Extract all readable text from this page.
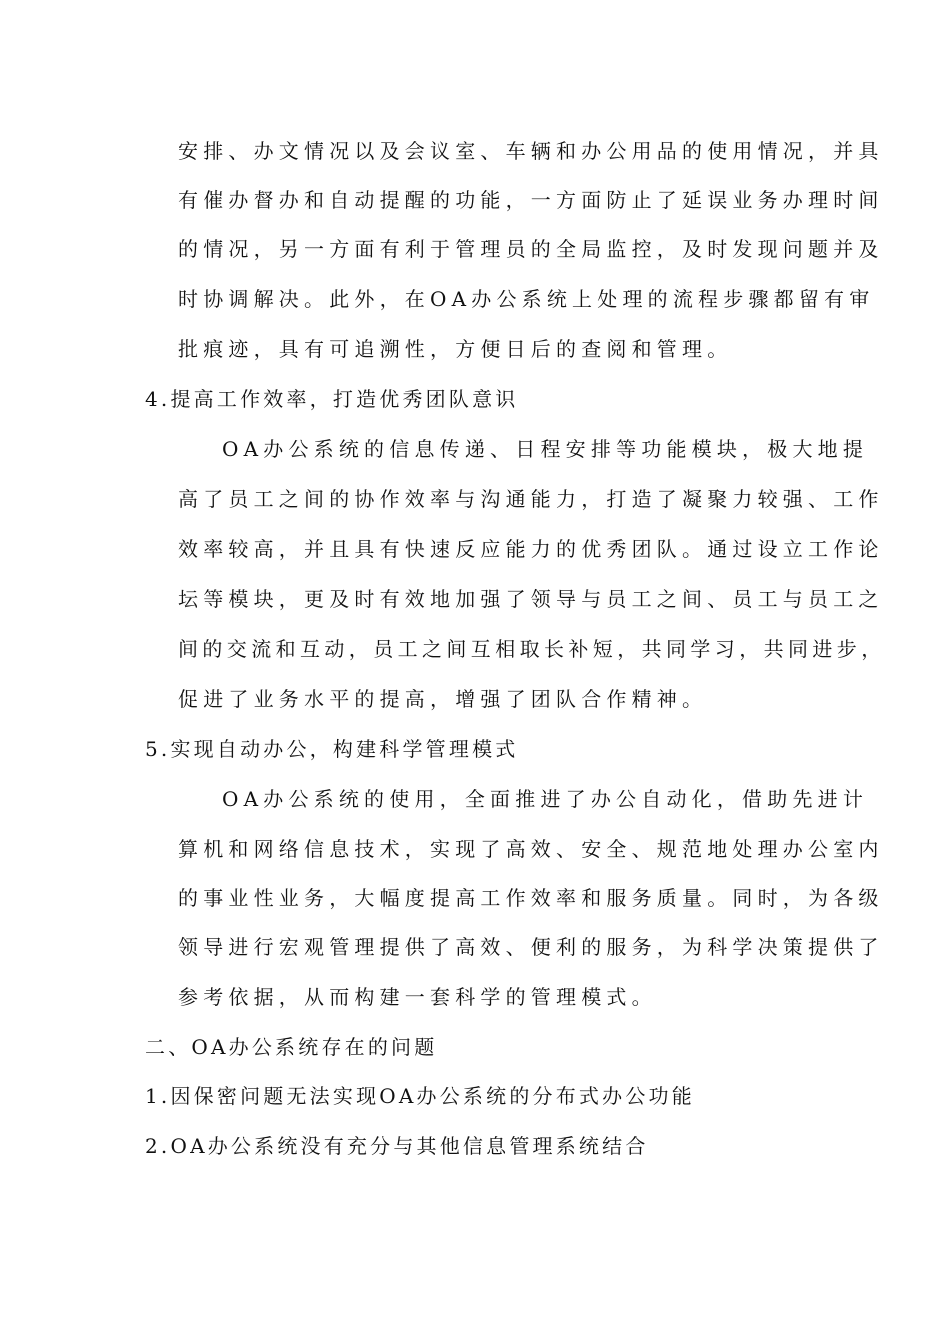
安排、办文情况以及会议室、车辆和办公用品的使用情况，并具
有催办督办和自动提醒的功能，一方面防止了延误业务办理时间
的情况，另一方面有利于管理员的全局监控，及时发现问题并及
时协调解决。此外，在OA办公系统上处理的流程步骤都留有审
批痕迹，具有可追溯性，方便日后的查阅和管理。
4.提高工作效率，打造优秀团队意识
OA办公系统的信息传递、日程安排等功能模块，极大地提
高了员工之间的协作效率与沟通能力，打造了凝聚力较强、工作
效率较高，并且具有快速反应能力的优秀团队。通过设立工作论
坛等模块，更及时有效地加强了领导与员工之间、员工与员工之
间的交流和互动，员工之间互相取长补短，共同学习，共同进步，
促进了业务水平的提高，增强了团队合作精神。
5.实现自动办公，构建科学管理模式
OA办公系统的使用，全面推进了办公自动化，借助先进计
算机和网络信息技术，实现了高效、安全、规范地处理办公室内
的事业性业务，大幅度提高工作效率和服务质量。同时，为各级
领导进行宏观管理提供了高效、便利的服务，为科学决策提供了
参考依据，从而构建一套科学的管理模式。
二、OA办公系统存在的问题
1.因保密问题无法实现OA办公系统的分布式办公功能
2.OA办公系统没有充分与其他信息管理系统结合
